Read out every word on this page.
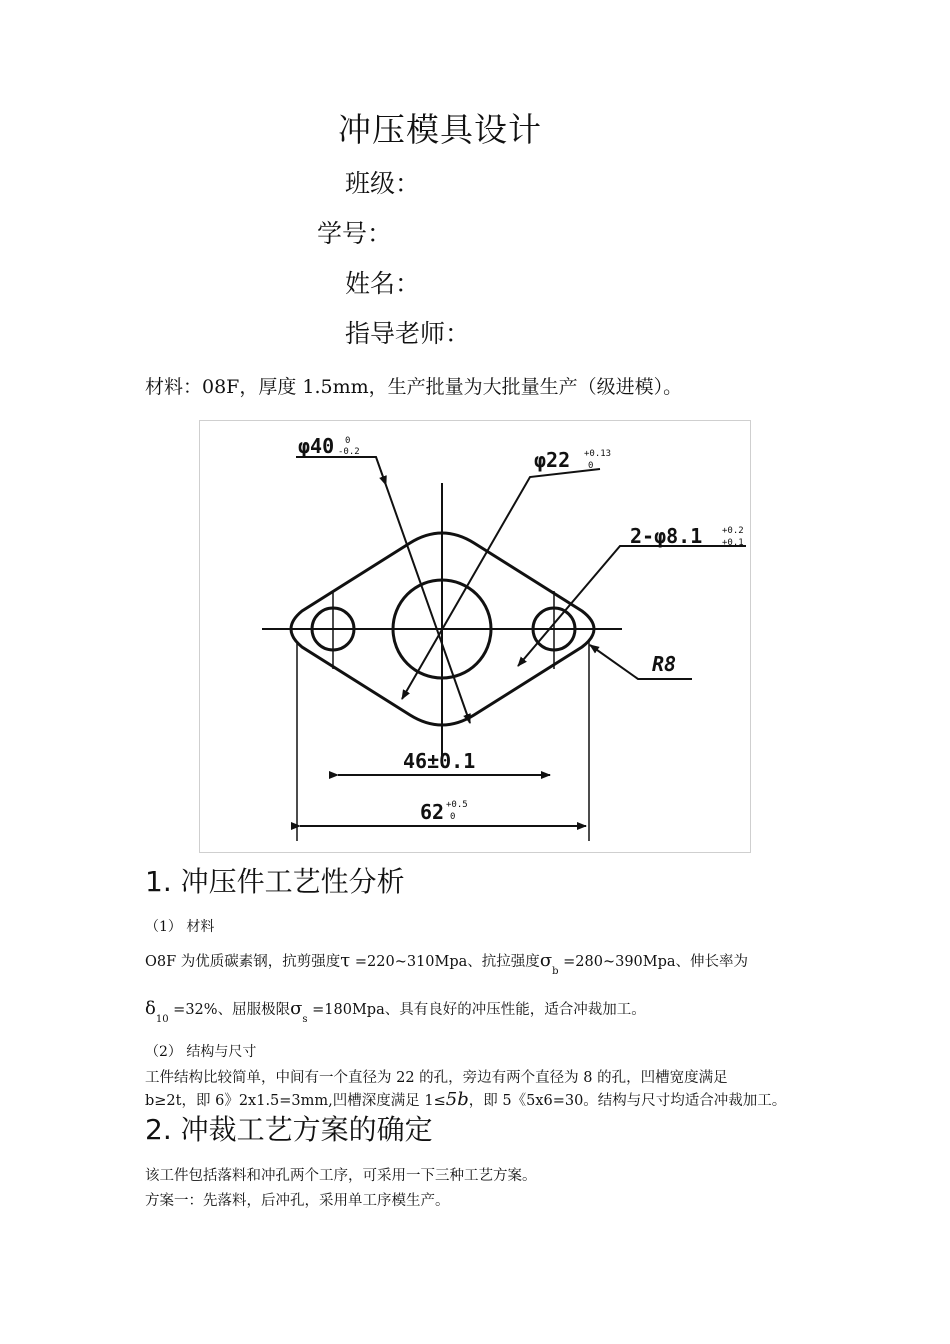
冲压模具设计
班级：
学号：
姓名：
指导老师：
材料：08F，厚度 1.5mm，生产批量为大批量生产（级进模）。
φ40 0
-0.2	φ22 +0.13
0
2-φ8.1 +0.2
+0.1
R8
46±0.1
62 +0.5
0
1. 冲压件工艺性分析
（1） 材料
O8F 为优质碳素钢，抗剪强度τ =220~310Mpa、抗拉强度$\sigma_b$ =280~390Mpa、伸长率为
$\delta_{10} =32\%$、屈服极限$\sigma_s =180Mpa$、具有良好的冲压性能，适合冲裁加工。
（2） 结构与尺寸
工件结构比较简单，中间有一个直径为 22 的孔，旁边有两个直径为 8 的孔，凹槽宽度满足
b≥2t，即 6》2x1.5=3mm,凹槽深度满足 1≤5b，即 5《5x6=30。结构与尺寸均适合冲裁加工。
2. 冲裁工艺方案的确定
该工件包括落料和冲孔两个工序，可采用一下三种工艺方案。
方案一：先落料，后冲孔，采用单工序模生产。
